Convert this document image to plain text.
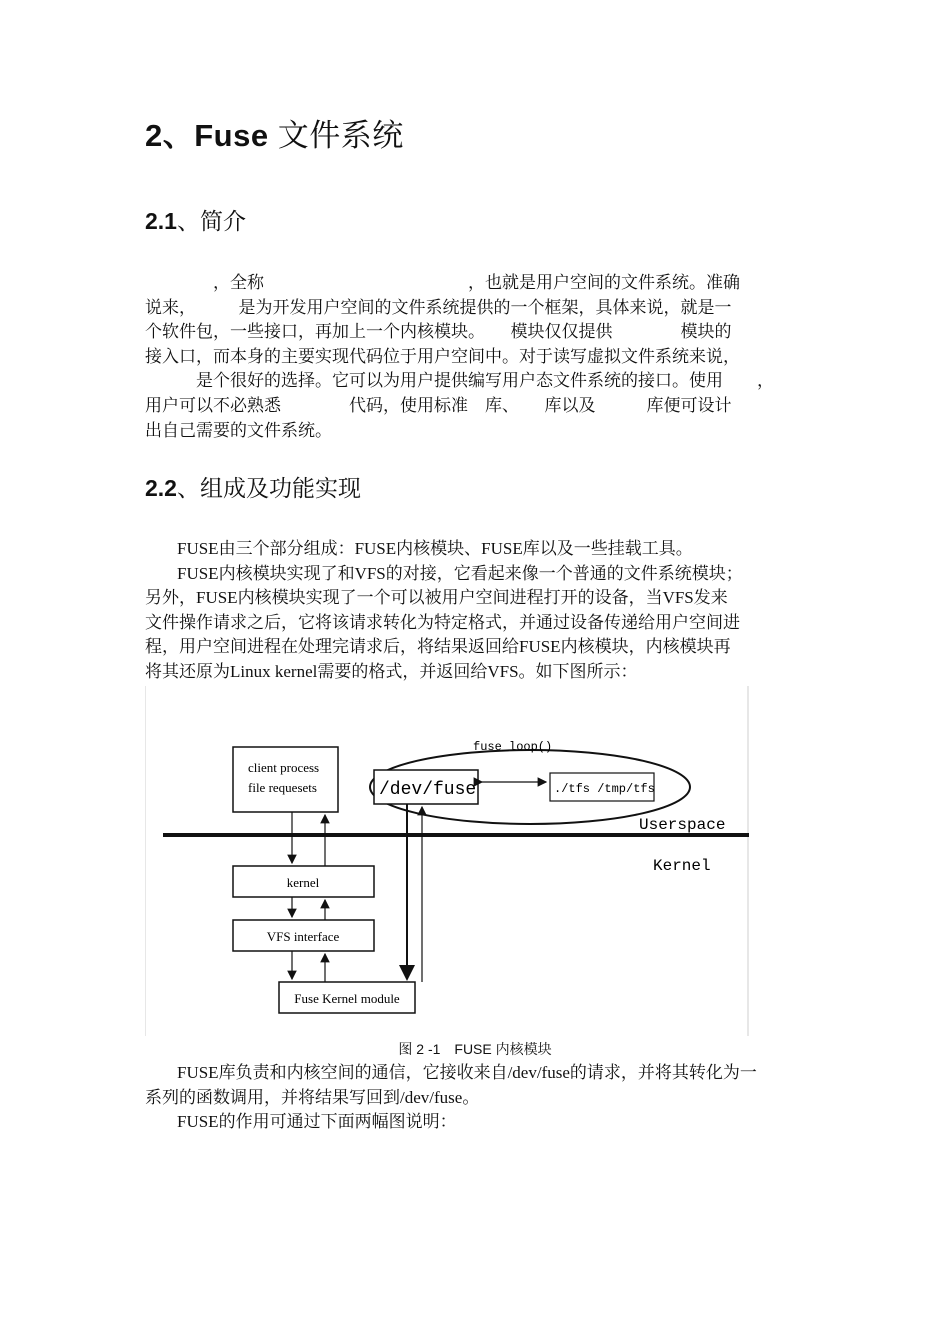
2、Fuse 文件系统
2.1、简介
　　　　，全称　　　　　　　　　　　　，也就是用户空间的文件系统。准确
说来，　　　是为开发用户空间的文件系统提供的一个框架，具体来说，就是一
个软件包，一些接口，再加上一个内核模块。　　模块仅仅提供　　　　模块的
接入口，而本身的主要实现代码位于用户空间中。对于读写虚拟文件系统来说，
　　　是个很好的选择。它可以为用户提供编写用户态文件系统的接口。使用　　，
用户可以不必熟悉　　　　代码，使用标准　库、　　库以及　　　库便可设计
出自己需要的文件系统。
2.2、组成及功能实现
FUSE由三个部分组成：FUSE内核模块、FUSE库以及一些挂载工具。
FUSE内核模块实现了和VFS的对接，它看起来像一个普通的文件系统模块；
另外，FUSE内核模块实现了一个可以被用户空间进程打开的设备，当VFS发来
文件操作请求之后，它将该请求转化为特定格式，并通过设备传递给用户空间进
程，用户空间进程在处理完请求后，将结果返回给FUSE内核模块，内核模块再
将其还原为Linux kernel需要的格式，并返回给VFS。如下图所示：
Userspace
Kernel
fuse_loop()
/dev/fuse	./tfs /tmp/tfs
client process
file requesets
kernel
VFS interface
Fuse Kernel module
图 2 -1　FUSE 内核模块
FUSE库负责和内核空间的通信，它接收来自/dev/fuse的请求，并将其转化为一
系列的函数调用，并将结果写回到/dev/fuse。
FUSE的作用可通过下面两幅图说明：
